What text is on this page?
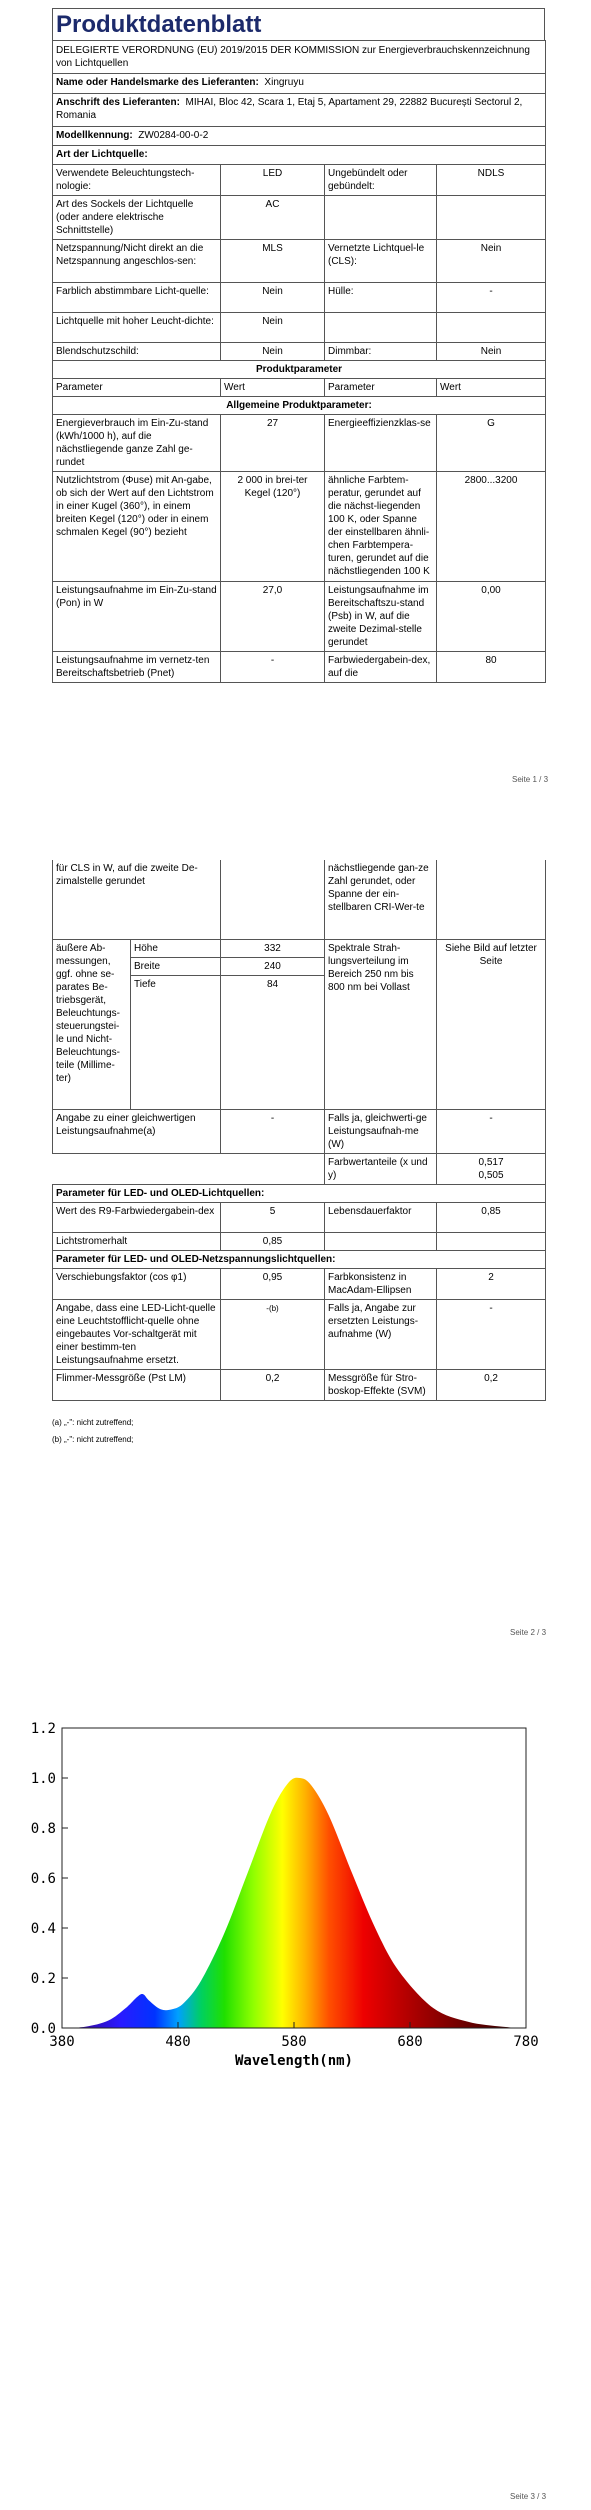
Produktdatenblatt
DELEGIERTE VERORDNUNG (EU) 2019/2015 DER KOMMISSION zur Energieverbrauchskennzeichnung von Lichtquellen			
Name oder Handelsmarke des Lieferanten: Xingruyu			
Anschrift des Lieferanten: MIHAI, Bloc 42, Scara 1, Etaj 5, Apartament 29, 22882 București Sectorul 2, Romania			
Modellkennung: ZW0284-00-0-2			
Art der Lichtquelle:			
Verwendete Beleuchtungstech-nologie:	LED	Ungebündelt oder gebündelt:	NDLS
Art des Sockels der Lichtquelle (oder andere elektrische Schnittstelle)	AC		
Netzspannung/Nicht direkt an die Netzspannung angeschlos-sen:	MLS	Vernetzte Lichtquel-le (CLS):	Nein
Farblich abstimmbare Licht-quelle:	Nein	Hülle:	-
Lichtquelle mit hoher Leucht-dichte:	Nein		
Blendschutzschild:	Nein	Dimmbar:	Nein
Produktparameter			
Parameter	Wert	Parameter	Wert
Allgemeine Produktparameter:			
Energieverbrauch im Ein-Zu-stand (kWh/1000 h), auf die nächstliegende ganze Zahl ge-rundet	27	Energieeffizienzklas-se	G
Nutzlichtstrom (Φuse) mit An-gabe, ob sich der Wert auf den Lichtstrom in einer Kugel (360°), in einem breiten Kegel (120°) oder in einem schmalen Kegel (90°) bezieht	2 000 in brei-ter Kegel (120°)	ähnliche Farbtem-peratur, gerundet auf die nächst-liegenden 100 K, oder Spanne der einstellbaren ähnli-chen Farbtempera-turen, gerundet auf die nächstliegenden 100 K	2800...3200
Leistungsaufnahme im Ein-Zu-stand (Pon) in W	27,0	Leistungsaufnahme im Bereitschaftszu-stand (Psb) in W, auf die zweite Dezimal-stelle gerundet	0,00
Leistungsaufnahme im vernetz-ten Bereitschaftsbetrieb (Pnet)	-	Farbwiedergabein-dex, auf die	80
Seite 1 / 3
für CLS in W, auf die zweite De-zimalstelle gerundet			nächstliegende gan-ze Zahl gerundet, oder Spanne der ein-stellbaren CRI-Wer-te	
äußere Ab-messungen, ggf. ohne se-parates Be-triebsgerät, Beleuchtungs-steuerungstei-le und Nicht-Beleuchtungs-teile (Millime-ter)	Höhe	332	Spektrale Strah-lungsverteilung im Bereich 250 nm bis 800 nm bei Vollast	Siehe Bild auf letzter Seite
	Breite	240		
	Tiefe	84		

Angabe zu einer gleichwertigen Leistungsaufnahme(a)		-	Falls ja, gleichwerti-ge Leistungsaufnah-me (W)	-
			Farbwertanteile (x und y)	0,517
0,505
Parameter für LED- und OLED-Lichtquellen:				
Wert des R9-Farbwiedergabein-dex		5	Lebensdauerfaktor	0,85
Lichtstromerhalt		0,85		
Parameter für LED- und OLED-Netzspannungslichtquellen:				
Verschiebungsfaktor (cos φ1)		0,95	Farbkonsistenz in MacAdam-Ellipsen	2
Angabe, dass eine LED-Licht-quelle eine Leuchtstofflicht-quelle ohne eingebautes Vor-schaltgerät mit einer bestimm-ten Leistungsaufnahme ersetzt.		-(b)	Falls ja, Angabe zur ersetzten Leistungs-aufnahme (W)	-
Flimmer-Messgröße (Pst LM)		0,2	Messgröße für Stro-boskop-Effekte (SVM)	0,2
(a) „-": nicht zutreffend;
(b) „-": nicht zutreffend;
Seite 2 / 3
0.0
0.2
0.4
0.6
0.8
1.0
1.2
380	480	580	680	780
Wavelength(nm)
Seite 3 / 3
